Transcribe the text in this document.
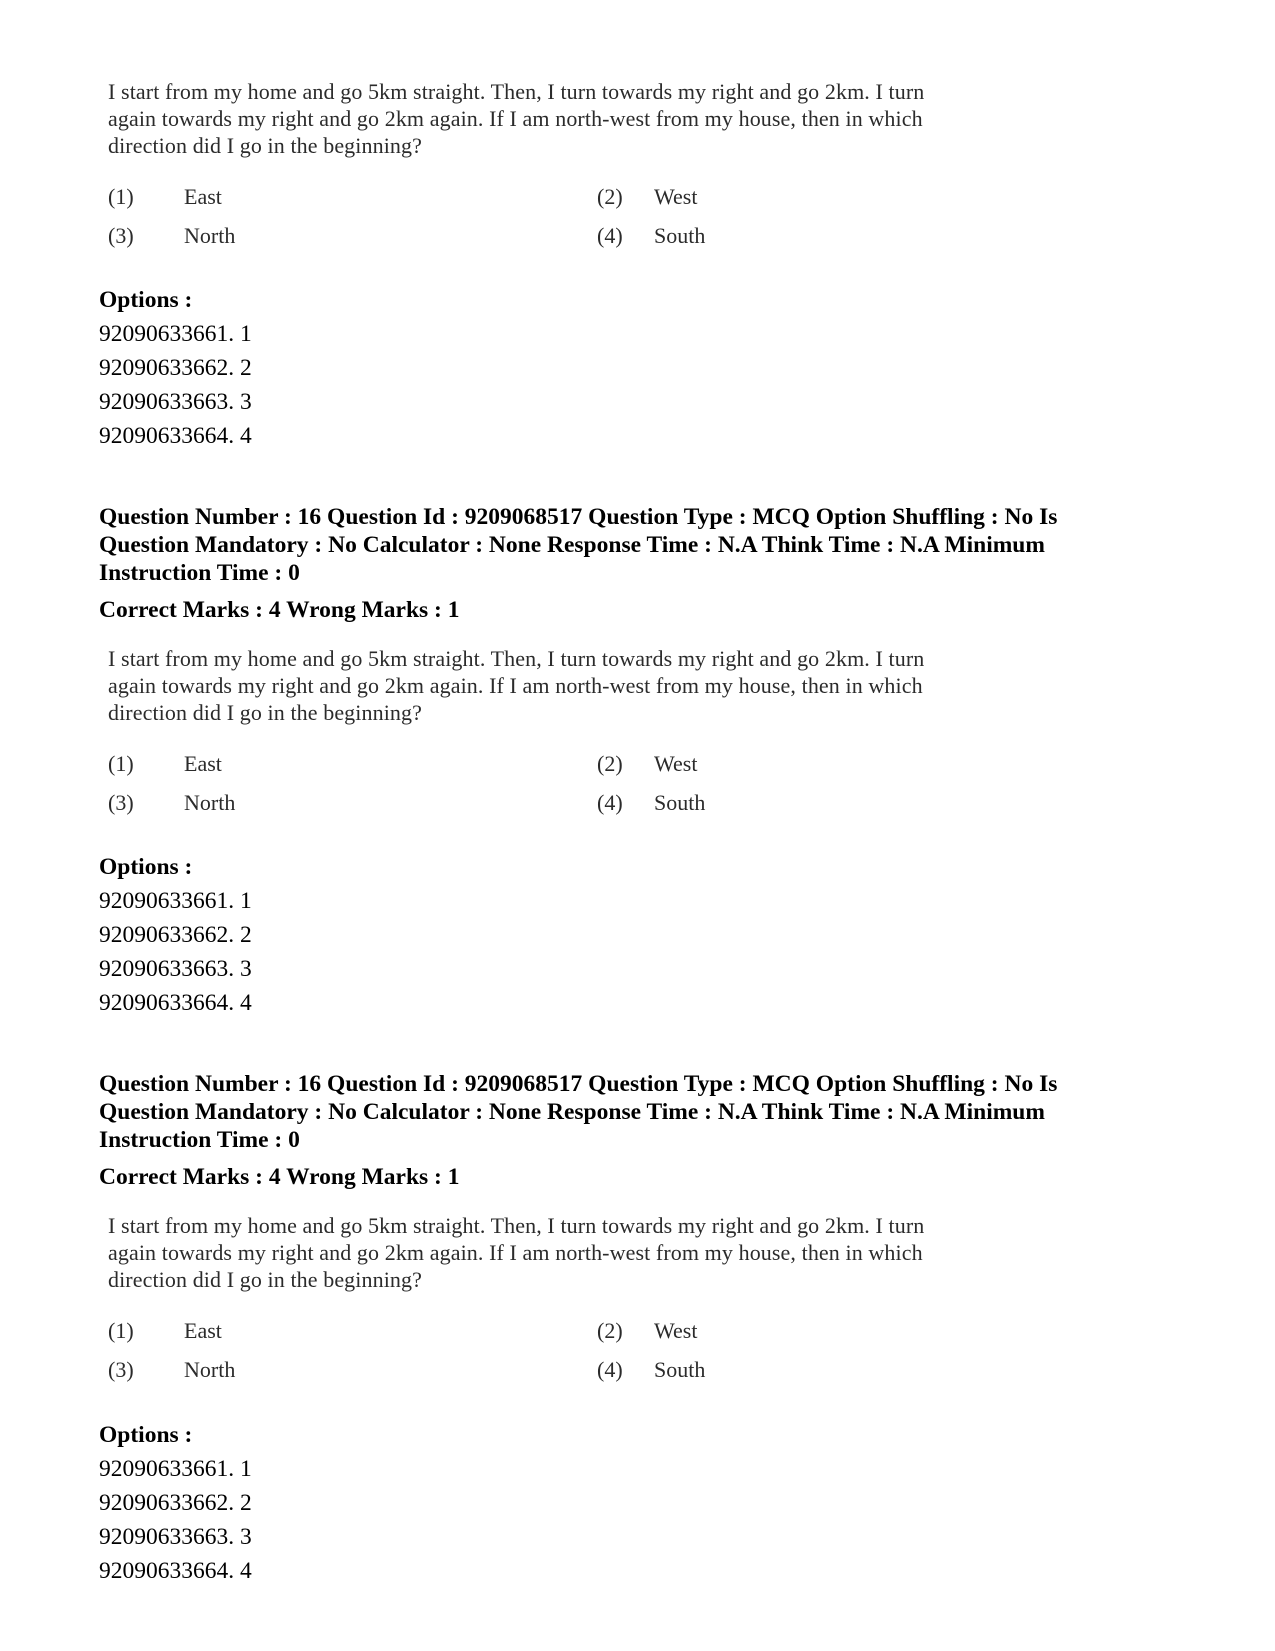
I start from my home and go 5km straight. Then, I turn towards my right and go 2km. I turn
again towards my right and go 2km again. If I am north-west from my house, then in which
direction did I go in the beginning?
(1) East	(2) West
(3) North	(4) South
Options :
92090633661. 1
92090633662. 2
92090633663. 3
92090633664. 4
Question Number : 16 Question Id : 9209068517 Question Type : MCQ Option Shuffling : No Is
Question Mandatory : No Calculator : None Response Time : N.A Think Time : N.A Minimum
Instruction Time : 0
Correct Marks : 4 Wrong Marks : 1
I start from my home and go 5km straight. Then, I turn towards my right and go 2km. I turn
again towards my right and go 2km again. If I am north-west from my house, then in which
direction did I go in the beginning?
(1) East	(2) West
(3) North	(4) South
Options :
92090633661. 1
92090633662. 2
92090633663. 3
92090633664. 4
Question Number : 16 Question Id : 9209068517 Question Type : MCQ Option Shuffling : No Is
Question Mandatory : No Calculator : None Response Time : N.A Think Time : N.A Minimum
Instruction Time : 0
Correct Marks : 4 Wrong Marks : 1
I start from my home and go 5km straight. Then, I turn towards my right and go 2km. I turn
again towards my right and go 2km again. If I am north-west from my house, then in which
direction did I go in the beginning?
(1) East	(2) West
(3) North	(4) South
Options :
92090633661. 1
92090633662. 2
92090633663. 3
92090633664. 4
